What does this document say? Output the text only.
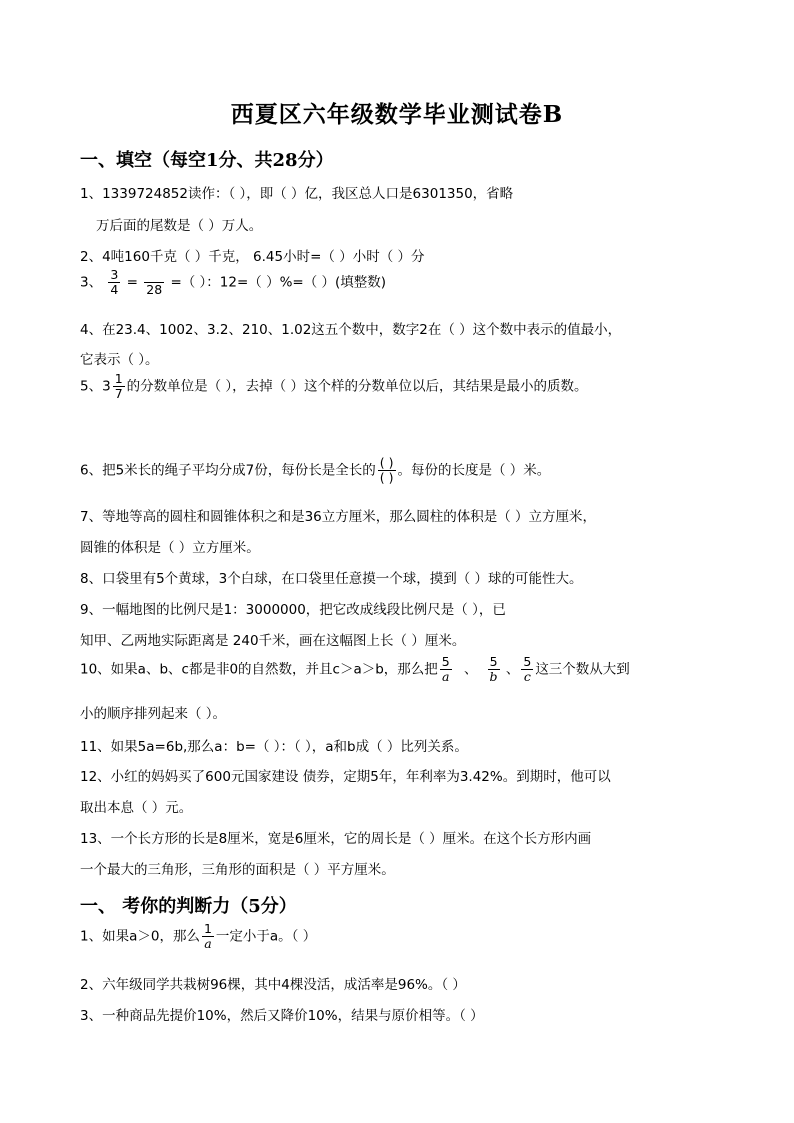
西夏区六年级数学毕业测试卷B
一、填空（每空1分、共28分）
1、1339724852读作：（ ），即（ ）亿，我区总人口是6301350，省略
万后面的尾数是（ ）万人。
2、4吨160千克（ ）千克， 6.45小时=（ ）小时（ ）分
3、 $\frac{3}{4}$ =
28 =（ ）：12=（ ）%=（ ）(填整数)
4、在23.4、1002、3.2、210、1.02这五个数中，数字2在（ ）这个数中表示的值最小，
它表示（ ）。
5、$3 \frac{1}{7}$ 的分数单位是（ ），去掉（ ）这个样的分数单位以后，其结果是最小的质数。
6、把5米长的绳子平均分成7份，每份长是全长的 $\frac{( )}{( )}$ 。每份的长度是（ ）米。
7、等地等高的圆柱和圆锥体积之和是36立方厘米，那么圆柱的体积是（ ）立方厘米，
圆锥的体积是（ ）立方厘米。
8、口袋里有5个黄球，3个白球，在口袋里任意摸一个球，摸到（ ）球的可能性大。
9、一幅地图的比例尺是1：3000000，把它改成线段比例尺是（ ），已
知甲、乙两地实际距离是 240千米，画在这幅图上长（ ）厘米。
10、如果a、b、c都是非0的自然数，并且c＞a＞b，那么把 $\frac{5}{a}$ 、 $\frac{5}{b}$ 、 $\frac{5}{c}$ 这三个数从大到
小的顺序排列起来（ ）。
11、如果5a=6b,那么a：b=（ ）：（ ），a和b成（ ）比列关系。
12、小红的妈妈买了600元国家建设 债券，定期5年，年利率为3.42%。到期时，他可以
取出本息（ ）元。
13、一个长方形的长是8厘米，宽是6厘米，它的周长是（ ）厘米。在这个长方形内画
一个最大的三角形，三角形的面积是（ ）平方厘米。
一、 考你的判断力（5分）
1、如果a＞0，那么 $\frac{1}{a}$ 一定小于a。（ ）
2、六年级同学共栽树96棵，其中4棵没活，成活率是96%。（ ）
3、一种商品先提价10%，然后又降价10%，结果与原价相等。（ ）
